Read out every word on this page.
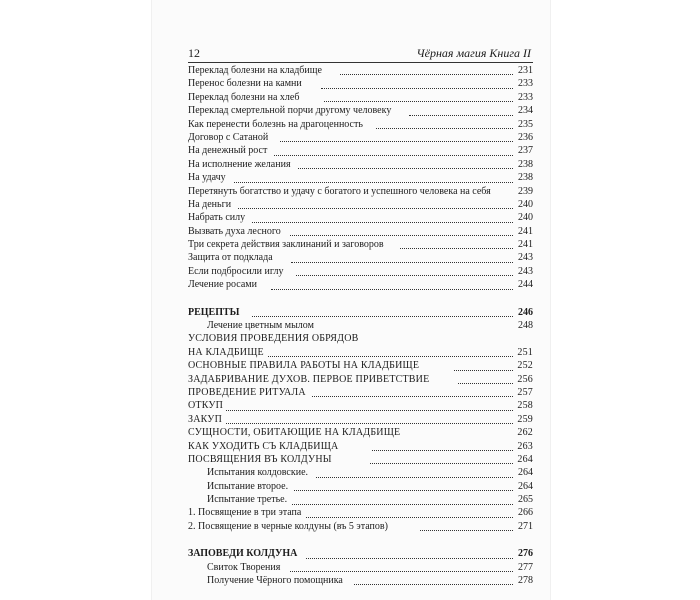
12	Чёрная магия Книга II
Переклад болезни на кладбище	231
Перенос болезни на камни	233
Переклад болезни на хлеб	233
Переклад смертельной порчи другому человеку	234
Как перенести болезнь на драгоценность	235
Договор с Сатаной	236
На денежный рост	237
На исполнение желания	238
На удачу	238
Перетянуть богатство и удачу с богатого и успешного человека на себя	239
На деньги	240
Набрать силу	240
Вызвать духа лесного	241
Три секрета действия заклинаний и заговоров	241
Защита от подклада	243
Если подбросили иглу	243
Лечение росами	244
РЕЦЕПТЫ	246
Лечение цветным мылом	248
УСЛОВИЯ ПРОВЕДЕНИЯ ОБРЯДОВ
НА КЛАДБИЩЕ	251
ОСНОВНЫЕ ПРАВИЛА РАБОТЫ НА КЛАДБИЩЕ	252
ЗАДАБРИВАНИЕ ДУХОВ. ПЕРВОЕ ПРИВЕТСТВИЕ	256
ПРОВЕДЕНИЕ РИТУАЛА	257
ОТКУП	258
ЗАКУП	259
СУЩНОСТИ, ОБИТАЮЩИЕ НА КЛАДБИЩЕ	262
КАК УХОДИТЬ СЪ КЛАДБИЩА	263
ПОСВЯЩЕНИЯ ВЪ КОЛДУНЫ	264
Испытания колдовские.	264
Испытание второе.	264
Испытание третье.	265
1. Посвящение в три этапа	266
2. Посвящение в черные колдуны (въ 5 этапов)	271
ЗАПОВЕДИ КОЛДУНА	276
Свиток Творения	277
Получение Чёрного помощника	278
